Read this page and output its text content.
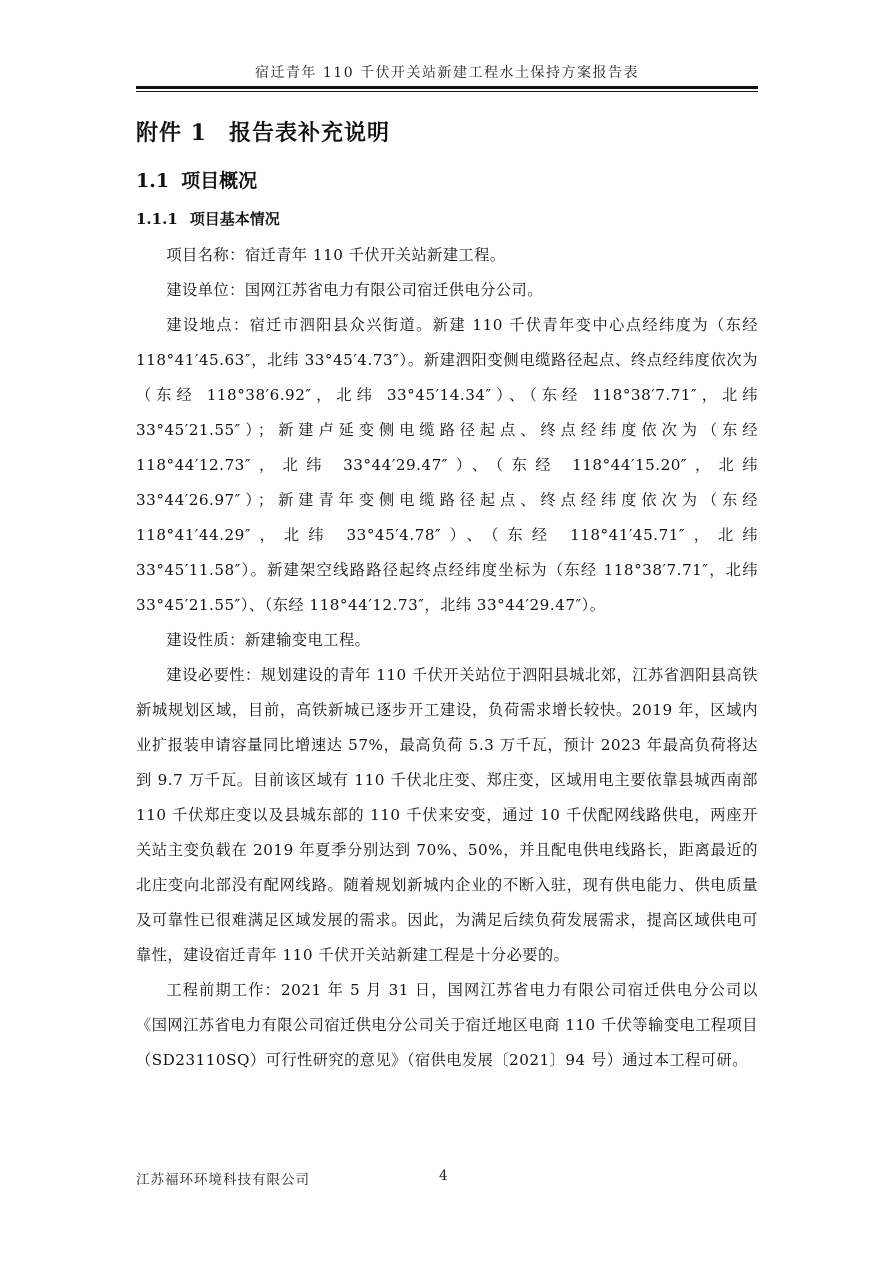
宿迁青年 110 千伏开关站新建工程水土保持方案报告表
附件 1 报告表补充说明
1.1 项目概况
1.1.1 项目基本情况

项目名称：宿迁青年 110 千伏开关站新建工程。

建设单位：国网江苏省电力有限公司宿迁供电分公司。

建设地点：宿迁市泗阳县众兴街道。新建 110 千伏青年变中心点经纬度为（东经 118°41′45.63″，北纬 33°45′4.73″）。新建泗阳变侧电缆路径起点、终点经纬度依次为（东经 118°38′6.92″，北纬 33°45′14.34″）、（东经 118°38′7.71″，北纬 33°45′21.55″）；新建卢延变侧电缆路径起点、终点经纬度依次为（东经 118°44′12.73″，北纬 33°44′29.47″）、（东经 118°44′15.20″，北纬 33°44′26.97″）；新建青年变侧电缆路径起点、终点经纬度依次为（东经 118°41′44.29″，北纬 33°45′4.78″）、（东经 118°41′45.71″，北纬 33°45′11.58″）。新建架空线路路径起终点经纬度坐标为（东经 118°38′7.71″，北纬 33°45′21.55″）、（东经 118°44′12.73″，北纬 33°44′29.47″）。

建设性质：新建输变电工程。

建设必要性：规划建设的青年 110 千伏开关站位于泗阳县城北郊，江苏省泗阳县高铁新城规划区域，目前，高铁新城已逐步开工建设，负荷需求增长较快。2019 年，区域内业扩报装申请容量同比增速达 57%，最高负荷 5.3 万千瓦，预计 2023 年最高负荷将达到 9.7 万千瓦。目前该区域有 110 千伏北庄变、郑庄变，区域用电主要依靠县城西南部 110 千伏郑庄变以及县城东部的 110 千伏来安变，通过 10 千伏配网线路供电，两座开关站主变负载在 2019 年夏季分别达到 70%、50%，并且配电供电线路长，距离最近的北庄变向北部没有配网线路。随着规划新城内企业的不断入驻，现有供电能力、供电质量及可靠性已很难满足区域发展的需求。因此，为满足后续负荷发展需求，提高区域供电可靠性，建设宿迁青年 110 千伏开关站新建工程是十分必要的。

工程前期工作：2021 年 5 月 31 日，国网江苏省电力有限公司宿迁供电分公司以《国网江苏省电力有限公司宿迁供电分公司关于宿迁地区电商 110 千伏等输变电工程项目（SD23110SQ）可行性研究的意见》（宿供电发展〔2021〕94 号）通过本工程可研。

江苏福环环境科技有限公司	4
